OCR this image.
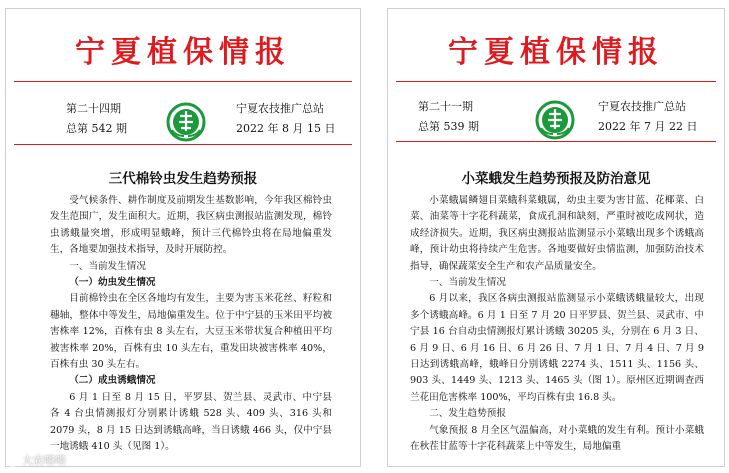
宁夏植保情报
第二十四期
总第 542 期
宁夏农技推广总站
2022 年 8 月 15 日
三代棉铃虫发生趋势预报

受气候条件、耕作制度及前期发生基数影响，今年我区棉铃虫发生范围广，发生面积大。近期，我区病虫测报站监测发现，棉铃虫诱蛾量突增，形成明显蛾峰，预计三代棉铃虫将在局地偏重发生，各地要加强技术指导，及时开展防控。

一、当前发生情况

（一）幼虫发生情况

目前棉铃虫在全区各地均有发生，主要为害玉米花丝、籽粒和穗轴，整体中等发生，局地偏重发生。位于中宁县的玉米田平均被害株率 12%，百株有虫 8 头左右，大豆玉米带状复合种植田平均被害株率 20%，百株有虫 10 头左右，重发田块被害株率 40%，百株有虫 30 头左右。

（二）成虫诱蛾情况

6 月 1 日至 8 月 15 日，平罗县、贺兰县、灵武市、中宁县各 4 台虫情测报灯分别累计诱蛾 528 头、409 头、316 头和 2079 头，8 月 15 日达到诱蛾高峰，当日诱蛾 466 头，仅中宁县一地诱蛾 410 头（见图 1）。

宁夏植保情报
第二十一期
总第 539 期
宁夏农技推广总站
2022 年 7 月 22 日
小菜蛾发生趋势预报及防治意见

小菜蛾属鳞翅目菜蛾科菜蛾属，幼虫主要为害甘蓝、花椰菜、白菜、油菜等十字花科蔬菜，食成孔洞和缺刻，严重时被吃成网状，造成经济损失。近期，我区病虫测报站监测显示小菜蛾出现多个诱蛾高峰，预计幼虫将持续产生危害。各地要做好虫情监测，加强防治技术指导，确保蔬菜安全生产和农产品质量安全。

一、当前发生情况

6 月以来，我区各病虫测报站监测显示小菜蛾诱蛾量较大，出现多个诱蛾高峰。6 月 1 日至 7 月 20 日平罗县、贺兰县、灵武市、中宁县 16 台自动虫情测报灯累计诱蛾 30205 头，分别在 6 月 3 日、6 月 9 日、6 月 16 日、6 月 26 日、7 月 1 日、7 月 4 日、7 月 9 日达到诱蛾高峰，蛾峰日分别诱蛾 2274 头、1511 头、1156 头、903 头、1449 头、1213 头、1465 头（图 1）。原州区近期调查西兰花田危害株率 100%，平均百株有虫 16.8 头。

二、发生趋势预报

气象预报 8 月全区气温偏高，对小菜蛾的发生有利。预计小菜蛾在秋茬甘蓝等十字花科蔬菜上中等发生，局地偏重

大农嗒嗒
